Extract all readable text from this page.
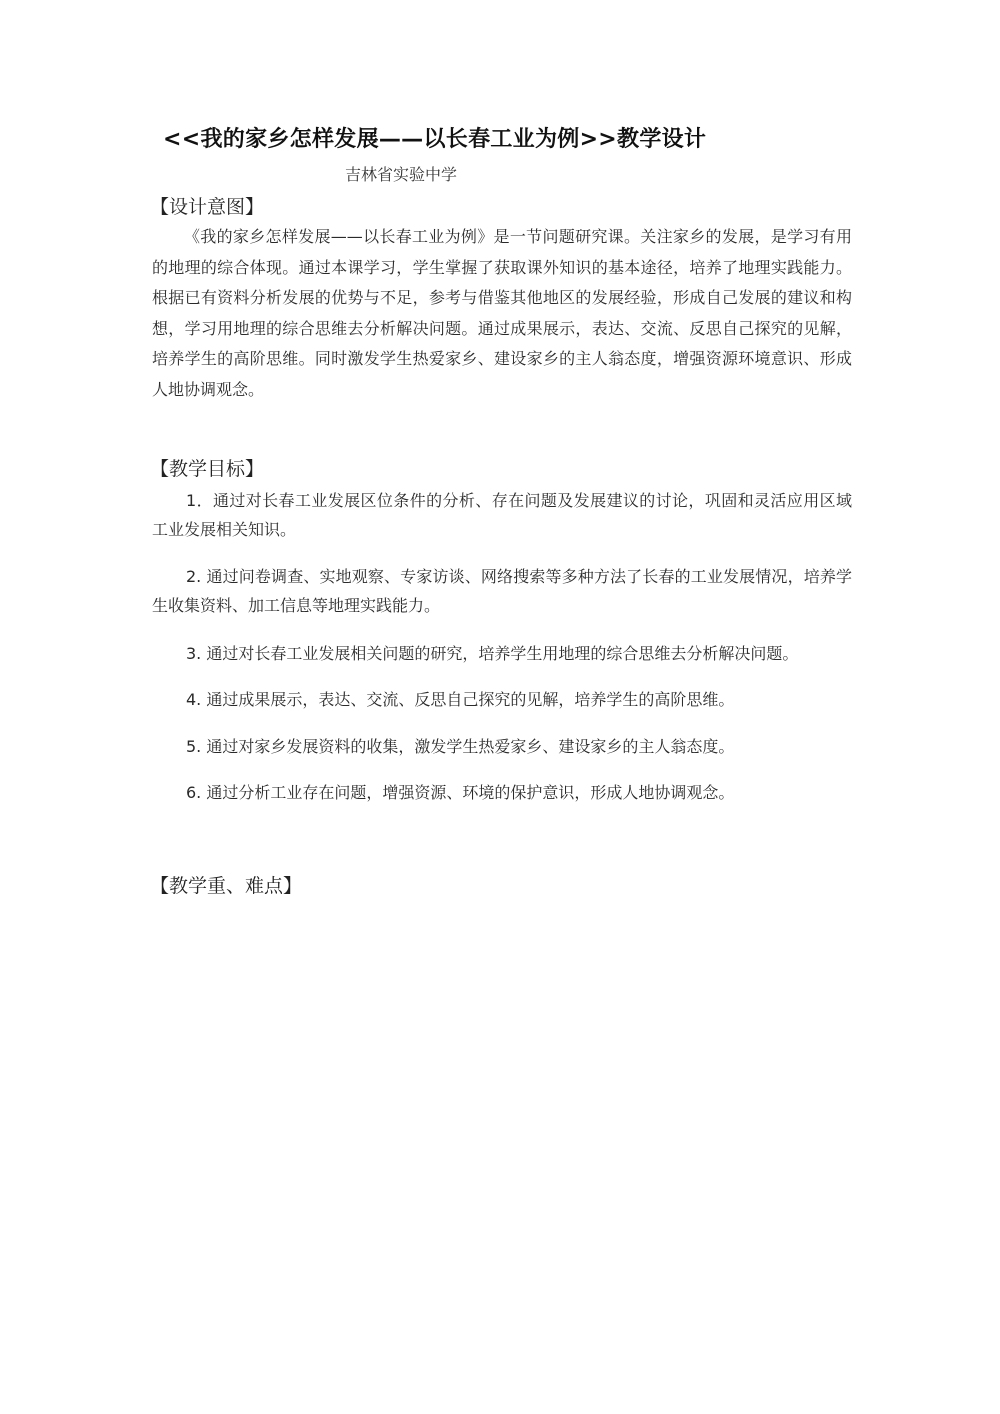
<<我的家乡怎样发展——以长春工业为例>>教学设计
吉林省实验中学
【设计意图】
《我的家乡怎样发展——以长春工业为例》是一节问题研究课。关注家乡的发展，是学习有用的地理的综合体现。通过本课学习，学生掌握了获取课外知识的基本途径，培养了地理实践能力。根据已有资料分析发展的优势与不足，参考与借鉴其他地区的发展经验，形成自己发展的建议和构想，学习用地理的综合思维去分析解决问题。通过成果展示，表达、交流、反思自己探究的见解，培养学生的高阶思维。同时激发学生热爱家乡、建设家乡的主人翁态度，增强资源环境意识、形成人地协调观念。
【教学目标】
1．通过对长春工业发展区位条件的分析、存在问题及发展建议的讨论，巩固和灵活应用区域工业发展相关知识。
2. 通过问卷调查、实地观察、专家访谈、网络搜索等多种方法了长春的工业发展情况，培养学生收集资料、加工信息等地理实践能力。
3. 通过对长春工业发展相关问题的研究，培养学生用地理的综合思维去分析解决问题。
4. 通过成果展示，表达、交流、反思自己探究的见解，培养学生的高阶思维。
5. 通过对家乡发展资料的收集，激发学生热爱家乡、建设家乡的主人翁态度。
6. 通过分析工业存在问题，增强资源、环境的保护意识，形成人地协调观念。
【教学重、难点】
